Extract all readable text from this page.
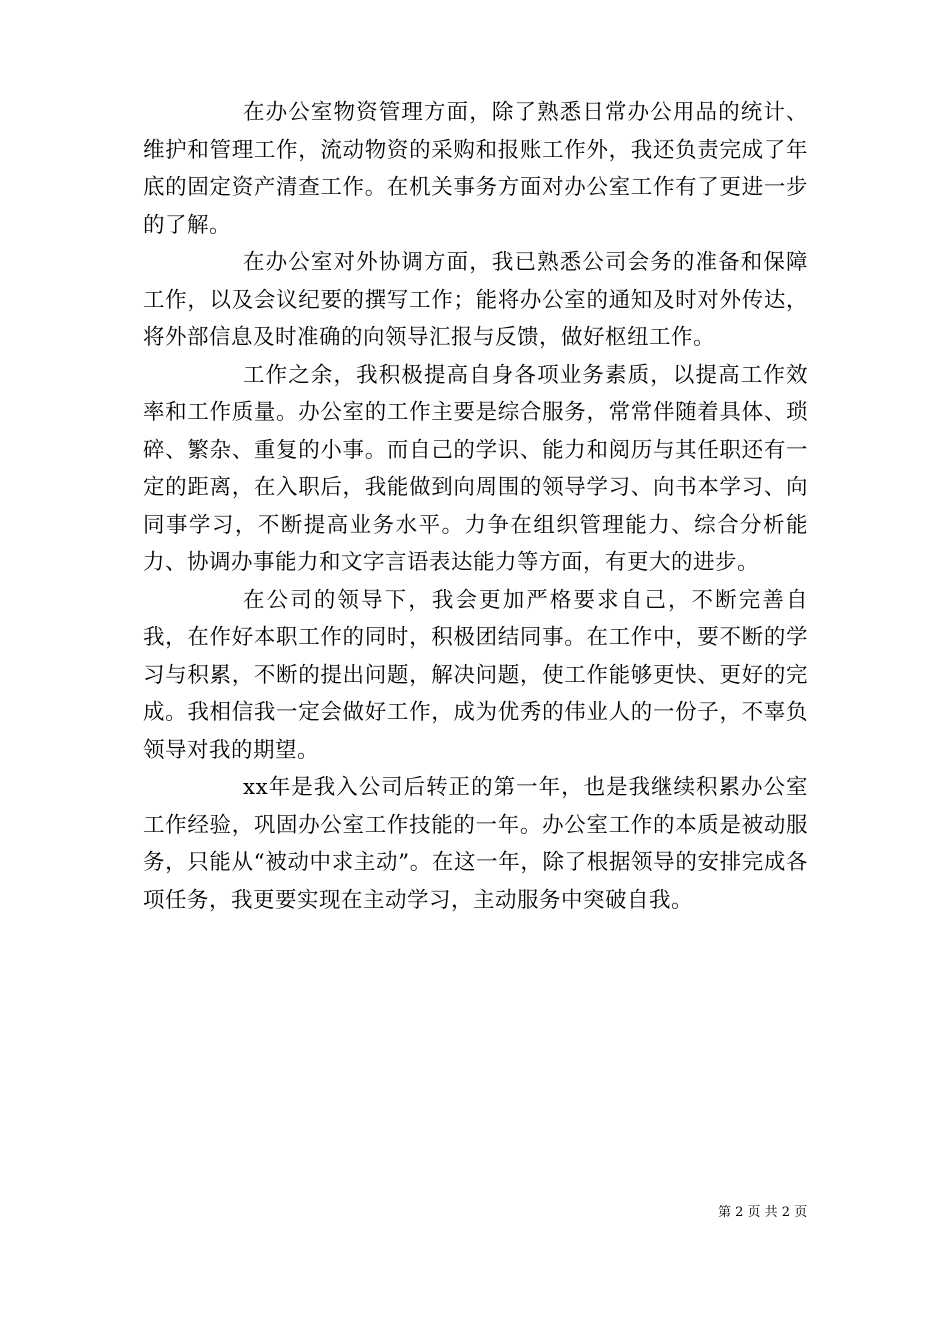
在办公室物资管理方面，除了熟悉日常办公用品的统计、维护和管理工作，流动物资的采购和报账工作外，我还负责完成了年底的固定资产清查工作。在机关事务方面对办公室工作有了更进一步的了解。

在办公室对外协调方面，我已熟悉公司会务的准备和保障工作，以及会议纪要的撰写工作；能将办公室的通知及时对外传达，将外部信息及时准确的向领导汇报与反馈，做好枢纽工作。

工作之余，我积极提高自身各项业务素质，以提高工作效率和工作质量。办公室的工作主要是综合服务，常常伴随着具体、琐碎、繁杂、重复的小事。而自己的学识、能力和阅历与其任职还有一定的距离，在入职后，我能做到向周围的领导学习、向书本学习、向同事学习，不断提高业务水平。力争在组织管理能力、综合分析能力、协调办事能力和文字言语表达能力等方面，有更大的进步。

在公司的领导下，我会更加严格要求自己，不断完善自我，在作好本职工作的同时，积极团结同事。在工作中，要不断的学习与积累，不断的提出问题，解决问题，使工作能够更快、更好的完成。我相信我一定会做好工作，成为优秀的伟业人的一份子，不辜负领导对我的期望。

xx年是我入公司后转正的第一年，也是我继续积累办公室工作经验，巩固办公室工作技能的一年。办公室工作的本质是被动服务，只能从“被动中求主动”。在这一年，除了根据领导的安排完成各项任务，我更要实现在主动学习，主动服务中突破自我。

第 2 页 共 2 页
